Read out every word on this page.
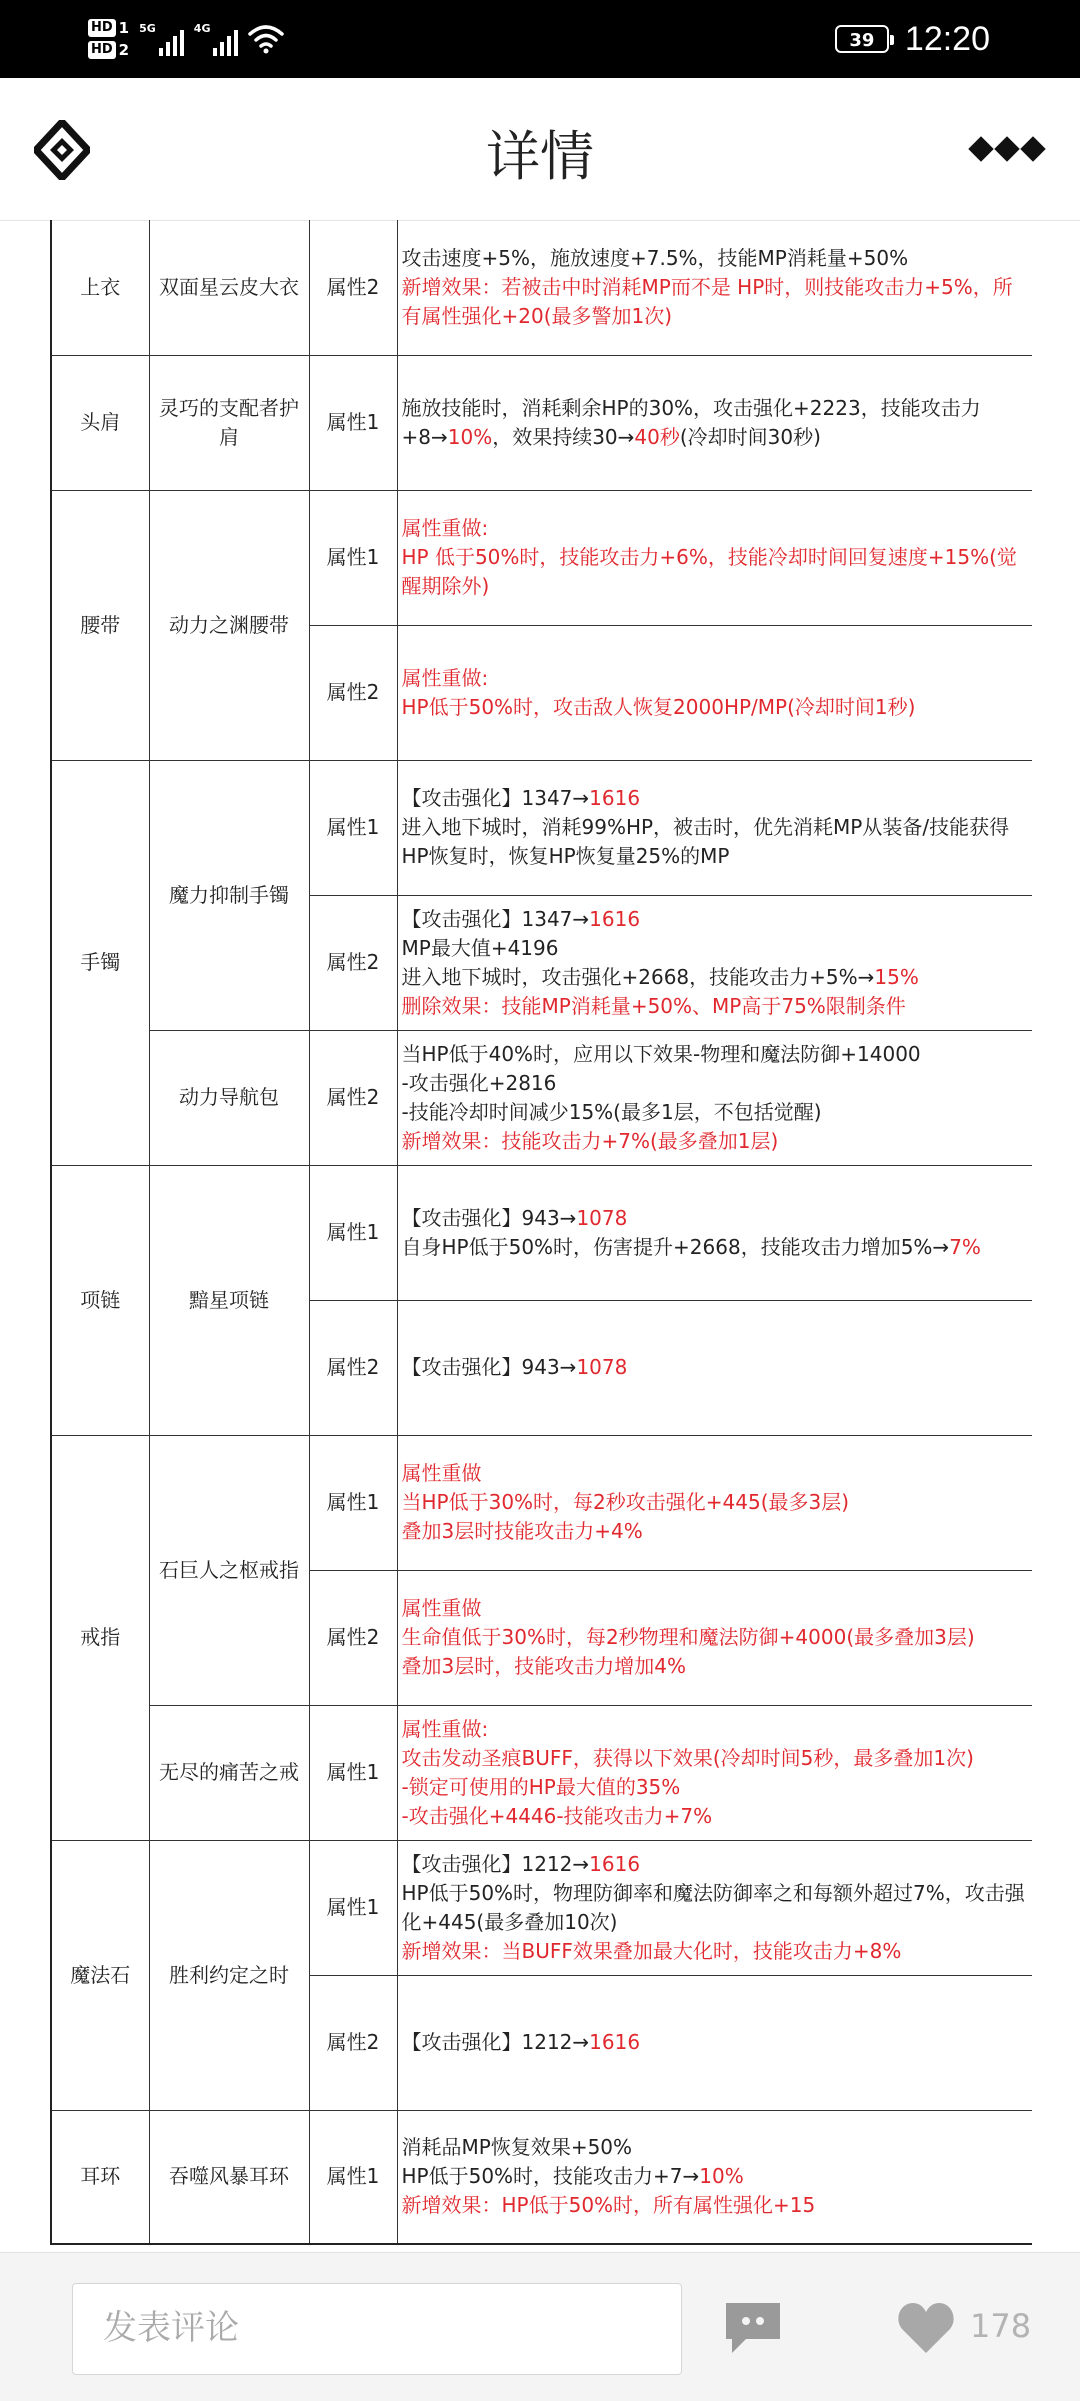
HD 1
HD 2
5G	4G
39 12:20
详情
上衣	双面星云皮大衣	属性2	攻击速度+5%，施放速度+7.5%，技能MP消耗量+50%
新增效果：若被击中时消耗MP而不是 HP时，则技能攻击力+5%，所有属性强化+20(最多警加1次)

头肩	灵巧的支配者护肩	属性1	施放技能时，消耗剩余HP的30%，攻击强化+2223，技能攻击力+8→10%，效果持续30→40秒(冷却时间30秒)
腰带	动力之渊腰带	属性1	属性重做:
HP 低于50%时，技能攻击力+6%，技能冷却时间回复速度+15%(觉醒期除外)

		属性2	属性重做:
HP低于50%时，攻击敌人恢复2000HP/MP(冷却时间1秒)

手镯	魔力抑制手镯	属性1	【攻击强化】1347→1616
进入地下城时，消耗99%HP，被击时，优先消耗MP从装备/技能获得HP恢复时，恢复HP恢复量25%的MP

		属性2	【攻击强化】1347→1616
MP最大值+4196
进入地下城时，攻击强化+2668，技能攻击力+5%→15%
删除效果：技能MP消耗量+50%、MP高于75%限制条件

	动力导航包	属性2	当HP低于40%时，应用以下效果-物理和魔法防御+14000
-攻击强化+2816
-技能冷却时间减少15%(最多1层，不包括觉醒)
新增效果：技能攻击力+7%(最多叠加1层)

项链	黯星项链	属性1	【攻击强化】943→1078
自身HP低于50%时，伤害提升+2668，技能攻击力增加5%→7%

		属性2	【攻击强化】943→1078

戒指	石巨人之枢戒指	属性1	属性重做
当HP低于30%时，每2秒攻击强化+445(最多3层)
叠加3层时技能攻击力+4%

		属性2	属性重做
生命值低于30%时，每2秒物理和魔法防御+4000(最多叠加3层)
叠加3层时，技能攻击力增加4%

	无尽的痛苦之戒	属性1	属性重做:
攻击发动圣痕BUFF，获得以下效果(冷却时间5秒，最多叠加1次)
-锁定可使用的HP最大值的35%
-攻击强化+4446-技能攻击力+7%

魔法石	胜利约定之时	属性1	【攻击强化】1212→1616
HP低于50%时，物理防御率和魔法防御率之和每额外超过7%，攻击强化+445(最多叠加10次)
新增效果：当BUFF效果叠加最大化时，技能攻击力+8%

		属性2	【攻击强化】1212→1616

耳环	吞噬风暴耳环	属性1	消耗品MP恢复效果+50%
HP低于50%时，技能攻击力+7→10%
新增效果：HP低于50%时，所有属性强化+15
发表评论	178
